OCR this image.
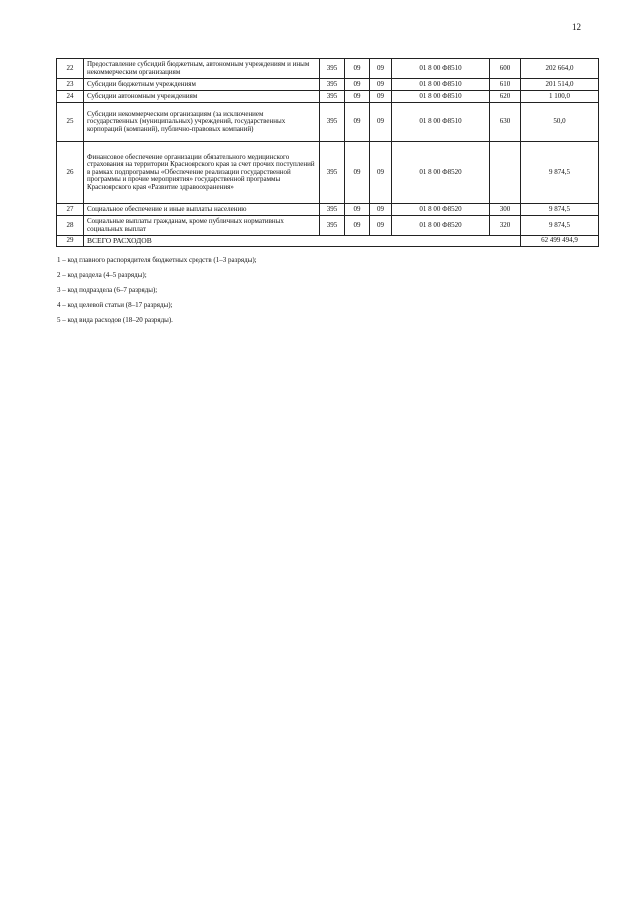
12
22	Предоставление субсидий бюджетным, автономным учреждениям и иным некоммерческим организациям	395	09	09	01 8 00 Ф8510	600	202 664,0
23	Субсидии бюджетным учреждениям	395	09	09	01 8 00 Ф8510	610	201 514,0
24	Субсидии автономным учреждениям	395	09	09	01 8 00 Ф8510	620	1 100,0
25	Субсидии некоммерческим организациям (за исключением государственных (муниципальных) учреждений, государственных корпораций (компаний), публично-правовых компаний)	395	09	09	01 8 00 Ф8510	630	50,0
26	Финансовое обеспечение организации обязательного медицинского страхования на территории Красноярского края за счет прочих поступлений в рамках подпрограммы «Обеспечение реализации государственной программы и прочие мероприятия» государственной программы Красноярского края «Развитие здравоохранения»	395	09	09	01 8 00 Ф8520		9 874,5
27	Социальное обеспечение и иные выплаты населению	395	09	09	01 8 00 Ф8520	300	9 874,5
28	Социальные выплаты гражданам, кроме публичных нормативных социальных выплат	395	09	09	01 8 00 Ф8520	320	9 874,5
29	ВСЕГО РАСХОДОВ						62 499 494,9
1 – код главного распорядителя бюджетных средств (1–3 разряды);
2 – код раздела (4–5 разряды);
3 – код подраздела (6–7 разряды);
4 – код целевой статьи (8–17 разряды);
5 – код вида расходов (18–20 разряды).
